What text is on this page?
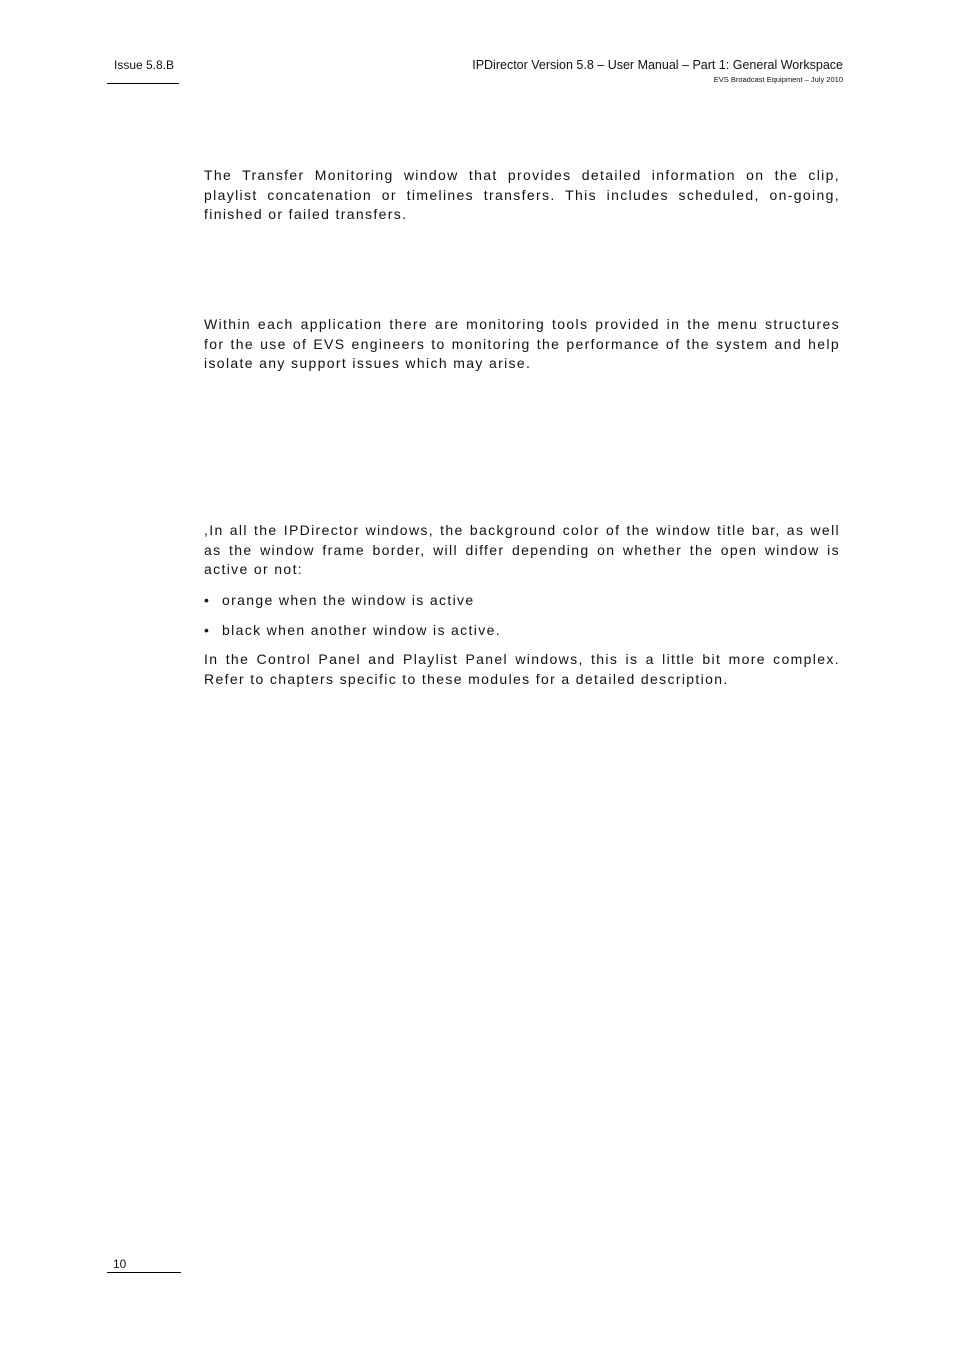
Issue 5.8.B	IPDirector Version 5.8 – User Manual – Part 1: General Workspace
EVS Broadcast Equipment – July 2010

The Transfer Monitoring window that provides detailed information on the clip, playlist concatenation or timelines transfers. This includes scheduled, on-going, finished or failed transfers.

Within each application there are monitoring tools provided in the menu structures for the use of EVS engineers to monitoring the performance of the system and help isolate any support issues which may arise.

,In all the IPDirector windows, the background color of the window title bar, as well as the window frame border, will differ depending on whether the open window is active or not:

• orange when the window is active
• black when another window is active.

In the Control Panel and Playlist Panel windows, this is a little bit more complex. Refer to chapters specific to these modules for a detailed description.

10
